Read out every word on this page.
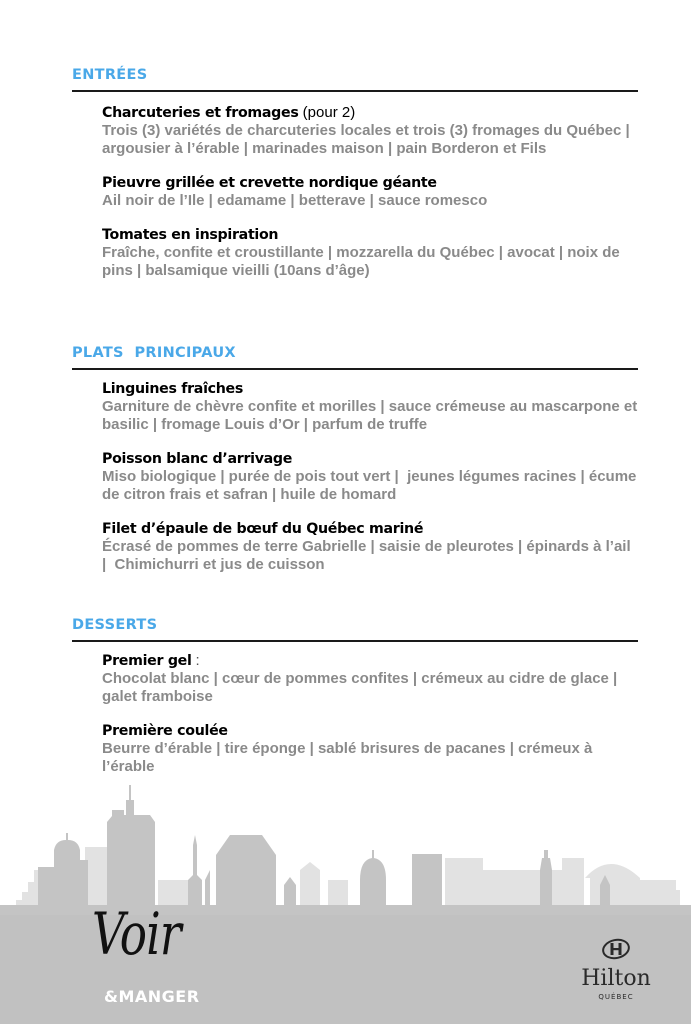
ENTRÉES
Charcuteries et fromages (pour 2)
Trois (3) variétés de charcuteries locales et trois (3) fromages du Québec | argousier à l’érable | marinades maison | pain Borderon et Fils
Pieuvre grillée et crevette nordique géante
Ail noir de l’Ile | edamame | betterave | sauce romesco
Tomates en inspiration
Fraîche, confite et croustillante | mozzarella du Québec | avocat | noix de pins | balsamique vieilli (10ans d’âge)
PLATS  PRINCIPAUX
Linguines fraîches
Garniture de chèvre confite et morilles | sauce crémeuse au mascarpone et basilic | fromage Louis d’Or | parfum de truffe
Poisson blanc d’arrivage
Miso biologique | purée de pois tout vert |  jeunes légumes racines | écume de citron frais et safran | huile de homard
Filet d’épaule de bœuf du Québec mariné
Écrasé de pommes de terre Gabrielle | saisie de pleurotes | épinards à l’ail |  Chimichurri et jus de cuisson
DESSERTS
Premier gel :
Chocolat blanc | cœur de pommes confites | crémeux au cidre de glace | galet framboise
Première coulée
Beurre d’érable | tire éponge | sablé brisures de pacanes | crémeux à l’érable
Voir
&MANGER
Hilton
QUÉBEC
